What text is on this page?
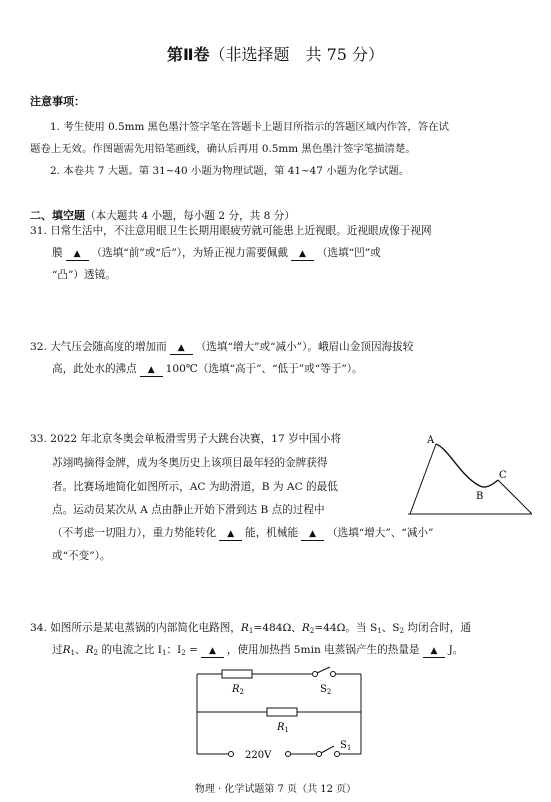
第Ⅱ卷（非选择题　共 75 分）
注意事项：
1. 考生使用 0.5mm 黑色墨汁签字笔在答题卡上题目所指示的答题区域内作答，答在试
题卷上无效。作图题需先用铅笔画线，确认后再用 0.5mm 黑色墨汁签字笔描清楚。
2. 本卷共 7 大题。第 31~40 小题为物理试题，第 41~47 小题为化学试题。
二、填空题（本大题共 4 小题，每小题 2 分，共 8 分）
31. 日常生活中，不注意用眼卫生长期用眼疲劳就可能患上近视眼。近视眼成像于视网
膜 ▲ （选填“前”或“后”），为矫正视力需要佩戴 ▲ （选填“凹”或
“凸”）透镜。
32. 大气压会随高度的增加而 ▲ （选填“增大”或“减小”）。峨眉山金顶因海拔较
高，此处水的沸点 ▲ 100℃（选填“高于”、“低于”或“等于”）。
33. 2022 年北京冬奥会单板滑雪男子大跳台决赛，17 岁中国小将
苏翊鸣摘得金牌，成为冬奥历史上该项目最年轻的金牌获得
者。比赛场地简化如图所示，AC 为助滑道，B 为 AC 的最低
点。运动员某次从 A 点由静止开始下滑到达 B 点的过程中
（不考虑一切阻力），重力势能转化 ▲ 能，机械能 ▲ （选填“增大”、“减小”
或“不变”）。
A
B
C
34. 如图所示是某电蒸锅的内部简化电路图，$R_1=484\Omega$、$R_2=44\Omega$。当 $S_1$、$S_2$ 均闭合时，通
过$R_1$、$R_2$ 的电流之比 $I_1$：$I_2$ = ▲ ，使用加热挡 5min 电蒸锅产生的热量是 ▲ J。
$R_2$	$S_2$
$R_1$
220V
$S_1$
物理 · 化学试题第 7 页（共 12 页）
